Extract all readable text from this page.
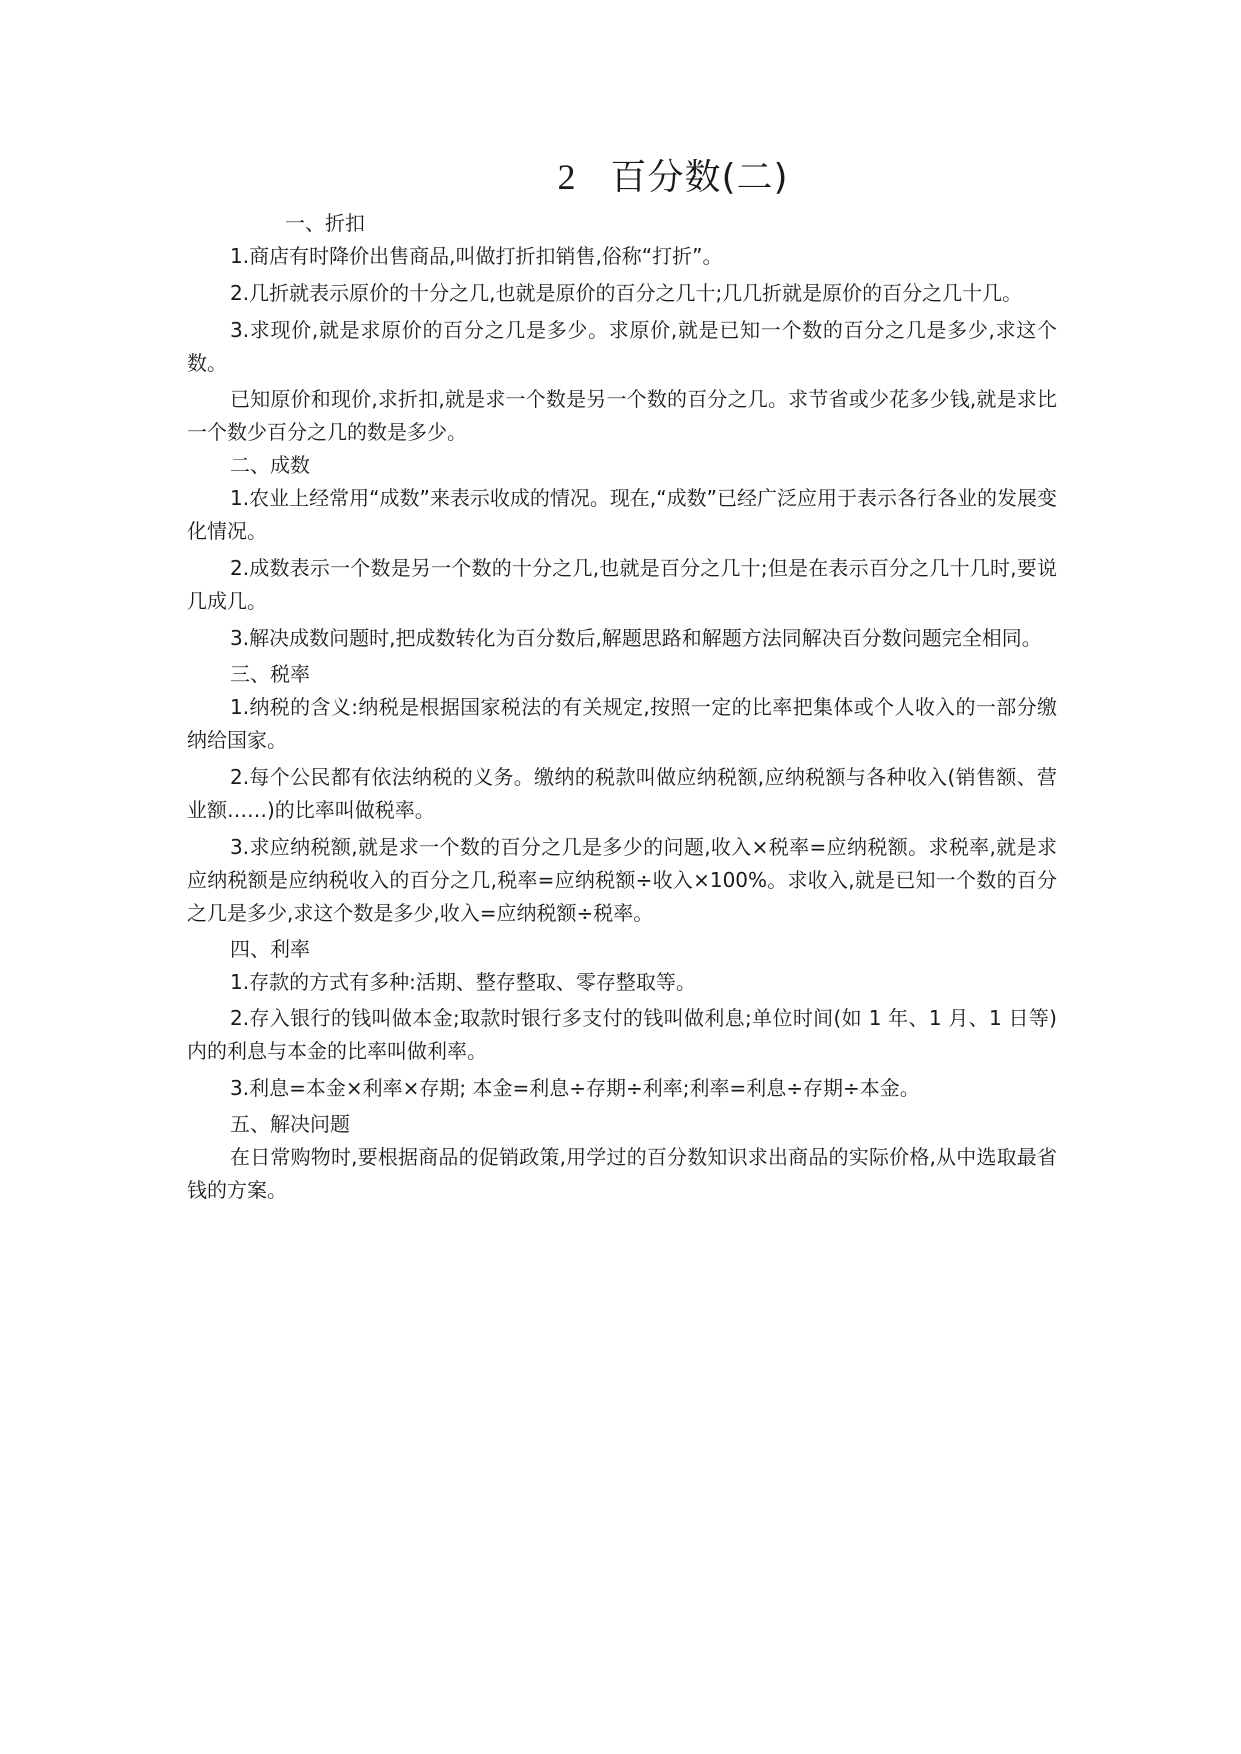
2 百分数(二)
一、折扣

1.商店有时降价出售商品,叫做打折扣销售,俗称“打折”。

2.几折就表示原价的十分之几,也就是原价的百分之几十;几几折就是原价的百分之几十几。

3.求现价,就是求原价的百分之几是多少。求原价,就是已知一个数的百分之几是多少,求这个数。

已知原价和现价,求折扣,就是求一个数是另一个数的百分之几。求节省或少花多少钱,就是求比一个数少百分之几的数是多少。

二、成数

1.农业上经常用“成数”来表示收成的情况。现在,“成数”已经广泛应用于表示各行各业的发展变化情况。

2.成数表示一个数是另一个数的十分之几,也就是百分之几十;但是在表示百分之几十几时,要说几成几。

3.解决成数问题时,把成数转化为百分数后,解题思路和解题方法同解决百分数问题完全相同。

三、税率

1.纳税的含义:纳税是根据国家税法的有关规定,按照一定的比率把集体或个人收入的一部分缴纳给国家。

2.每个公民都有依法纳税的义务。缴纳的税款叫做应纳税额,应纳税额与各种收入(销售额、营业额……)的比率叫做税率。

3.求应纳税额,就是求一个数的百分之几是多少的问题,收入×税率=应纳税额。求税率,就是求应纳税额是应纳税收入的百分之几,税率=应纳税额÷收入×100%。求收入,就是已知一个数的百分之几是多少,求这个数是多少,收入=应纳税额÷税率。

四、利率

1.存款的方式有多种:活期、整存整取、零存整取等。

2.存入银行的钱叫做本金;取款时银行多支付的钱叫做利息;单位时间(如 1 年、1 月、1 日等)内的利息与本金的比率叫做利率。

3.利息=本金×利率×存期; 本金=利息÷存期÷利率;利率=利息÷存期÷本金。

五、解决问题

在日常购物时,要根据商品的促销政策,用学过的百分数知识求出商品的实际价格,从中选取最省钱的方案。
